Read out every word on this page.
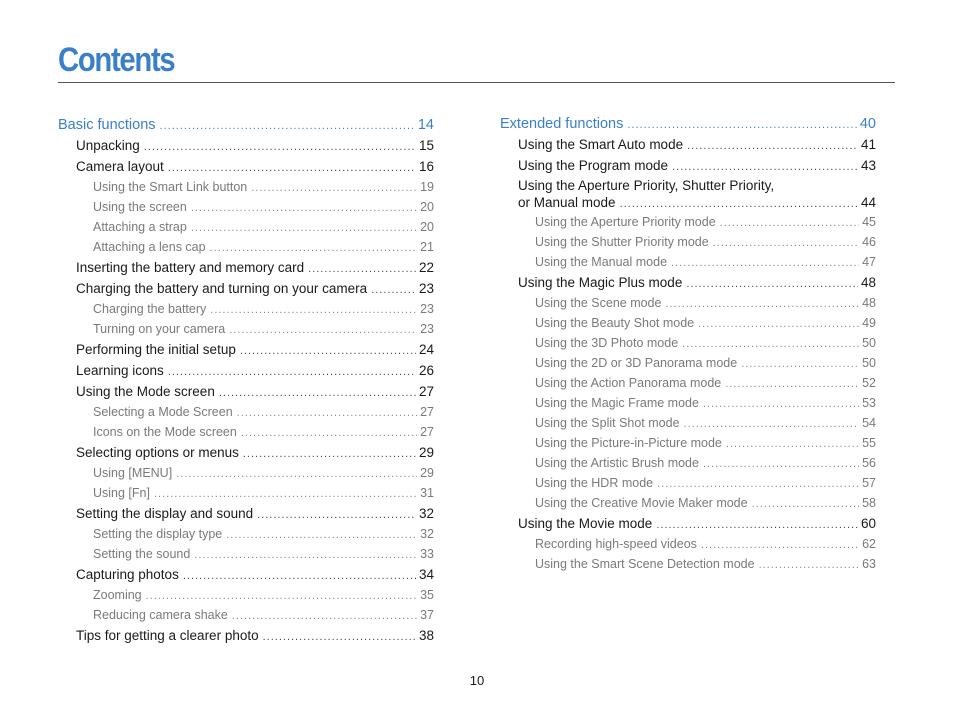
Contents
Basic functions .....	14
Unpacking .....	15
Camera layout .....	16
Using the Smart Link button .....	19
Using the screen .....	20
Attaching a strap .....	20
Attaching a lens cap .....	21
Inserting the battery and memory card .....	22
Charging the battery and turning on your camera .....	23
Charging the battery .....	23
Turning on your camera .....	23
Performing the initial setup .....	24
Learning icons .....	26
Using the Mode screen .....	27
Selecting a Mode Screen .....	27
Icons on the Mode screen .....	27
Selecting options or menus .....	29
Using [MENU] .....	29
Using [Fn] .....	31
Setting the display and sound .....	32
Setting the display type .....	32
Setting the sound .....	33
Capturing photos .....	34
Zooming .....	35
Reducing camera shake .....	37
Tips for getting a clearer photo .....	38
Extended functions .....	40
Using the Smart Auto mode .....	41
Using the Program mode .....	43
Using the Aperture Priority, Shutter Priority,
or Manual mode .....	44
Using the Aperture Priority mode .....	45
Using the Shutter Priority mode .....	46
Using the Manual mode .....	47
Using the Magic Plus mode .....	48
Using the Scene mode .....	48
Using the Beauty Shot mode .....	49
Using the 3D Photo mode .....	50
Using the 2D or 3D Panorama mode .....	50
Using the Action Panorama mode .....	52
Using the Magic Frame mode .....	53
Using the Split Shot mode .....	54
Using the Picture-in-Picture mode .....	55
Using the Artistic Brush mode .....	56
Using the HDR mode .....	57
Using the Creative Movie Maker mode .....	58
Using the Movie mode .....	60
Recording high-speed videos .....	62
Using the Smart Scene Detection mode .....	63
10
